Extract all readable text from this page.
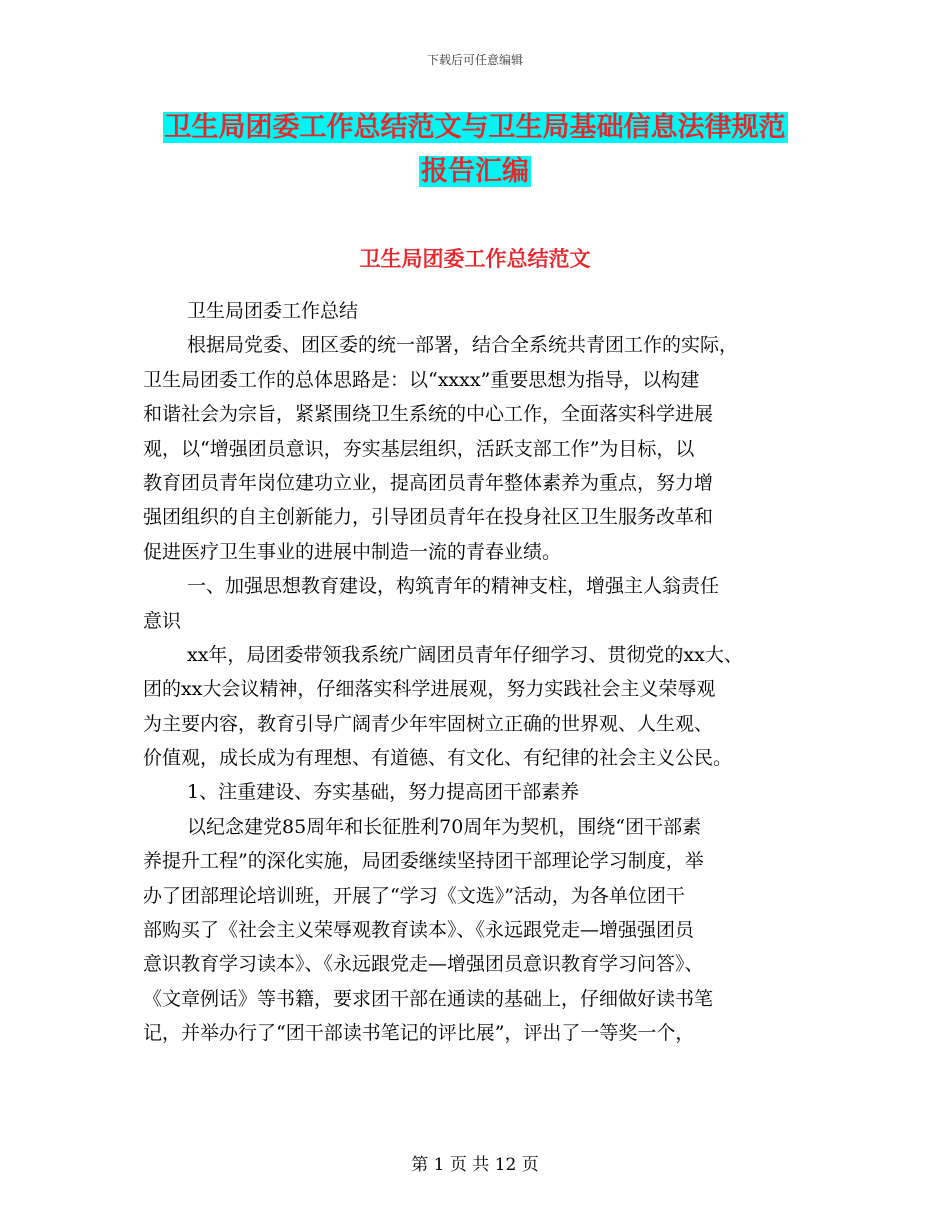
下载后可任意编辑
卫生局团委工作总结范文与卫生局基础信息法律规范
报告汇编
卫生局团委工作总结范文
卫生局团委工作总结
根据局党委、团区委的统一部署，结合全系统共青团工作的实际，
卫生局团委工作的总体思路是：以“xxxx”重要思想为指导，以构建
和谐社会为宗旨，紧紧围绕卫生系统的中心工作，全面落实科学进展
观，以“增强团员意识，夯实基层组织，活跃支部工作”为目标，以
教育团员青年岗位建功立业，提高团员青年整体素养为重点，努力增
强团组织的自主创新能力，引导团员青年在投身社区卫生服务改革和
促进医疗卫生事业的进展中制造一流的青春业绩。
一、加强思想教育建设，构筑青年的精神支柱，增强主人翁责任
意识
xx年，局团委带领我系统广阔团员青年仔细学习、贯彻党的xx大、
团的xx大会议精神，仔细落实科学进展观，努力实践社会主义荣辱观
为主要内容，教育引导广阔青少年牢固树立正确的世界观、人生观、
价值观，成长成为有理想、有道德、有文化、有纪律的社会主义公民。
1、注重建设、夯实基础，努力提高团干部素养
以纪念建党85周年和长征胜利70周年为契机，围绕“团干部素
养提升工程”的深化实施，局团委继续坚持团干部理论学习制度，举
办了团部理论培训班，开展了“学习《文选》”活动，为各单位团干
部购买了《社会主义荣辱观教育读本》、《永远跟党走—增强强团员
意识教育学习读本》、《永远跟党走—增强团员意识教育学习问答》、
《文章例话》等书籍，要求团干部在通读的基础上，仔细做好读书笔
记，并举办行了“团干部读书笔记的评比展”，评出了一等奖一个，
第 1 页 共 12 页
